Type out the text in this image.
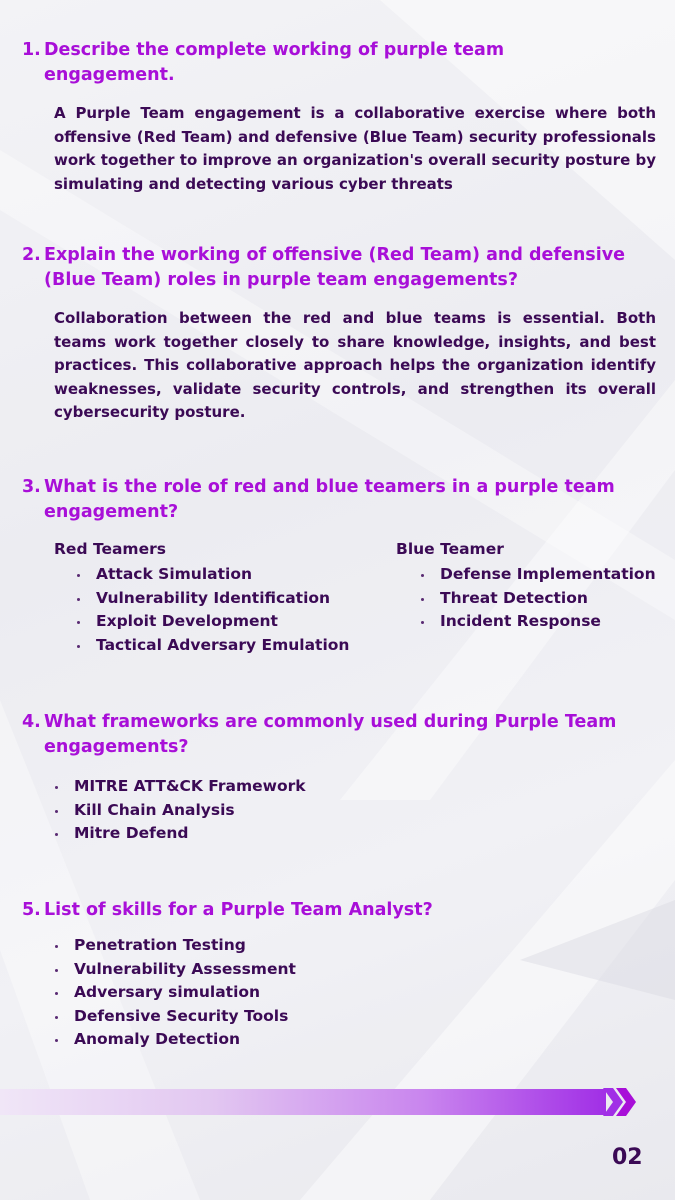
1. Describe the complete working of purple team
engagement.
A Purple Team engagement is a collaborative exercise where both offensive (Red Team) and defensive (Blue Team) security professionals work together to improve an organization's overall security posture by simulating and detecting various cyber threats
2. Explain the working of offensive (Red Team) and defensive
(Blue Team) roles in purple team engagements?
Collaboration between the red and blue teams is essential. Both teams work together closely to share knowledge, insights, and best practices. This collaborative approach helps the organization identify weaknesses, validate security controls, and strengthen its overall cybersecurity posture.
3. What is the role of red and blue teamers in a purple team
engagement?
Red Teamers
Attack Simulation
Vulnerability Identification
Exploit Development
Tactical Adversary Emulation
Blue Teamer
Defense Implementation
Threat Detection
Incident Response
4. What frameworks are commonly used during Purple Team
engagements?
MITRE ATT&CK Framework
Kill Chain Analysis
Mitre Defend
5. List of skills for a Purple Team Analyst?
Penetration Testing
Vulnerability Assessment
Adversary simulation
Defensive Security Tools
Anomaly Detection
02
